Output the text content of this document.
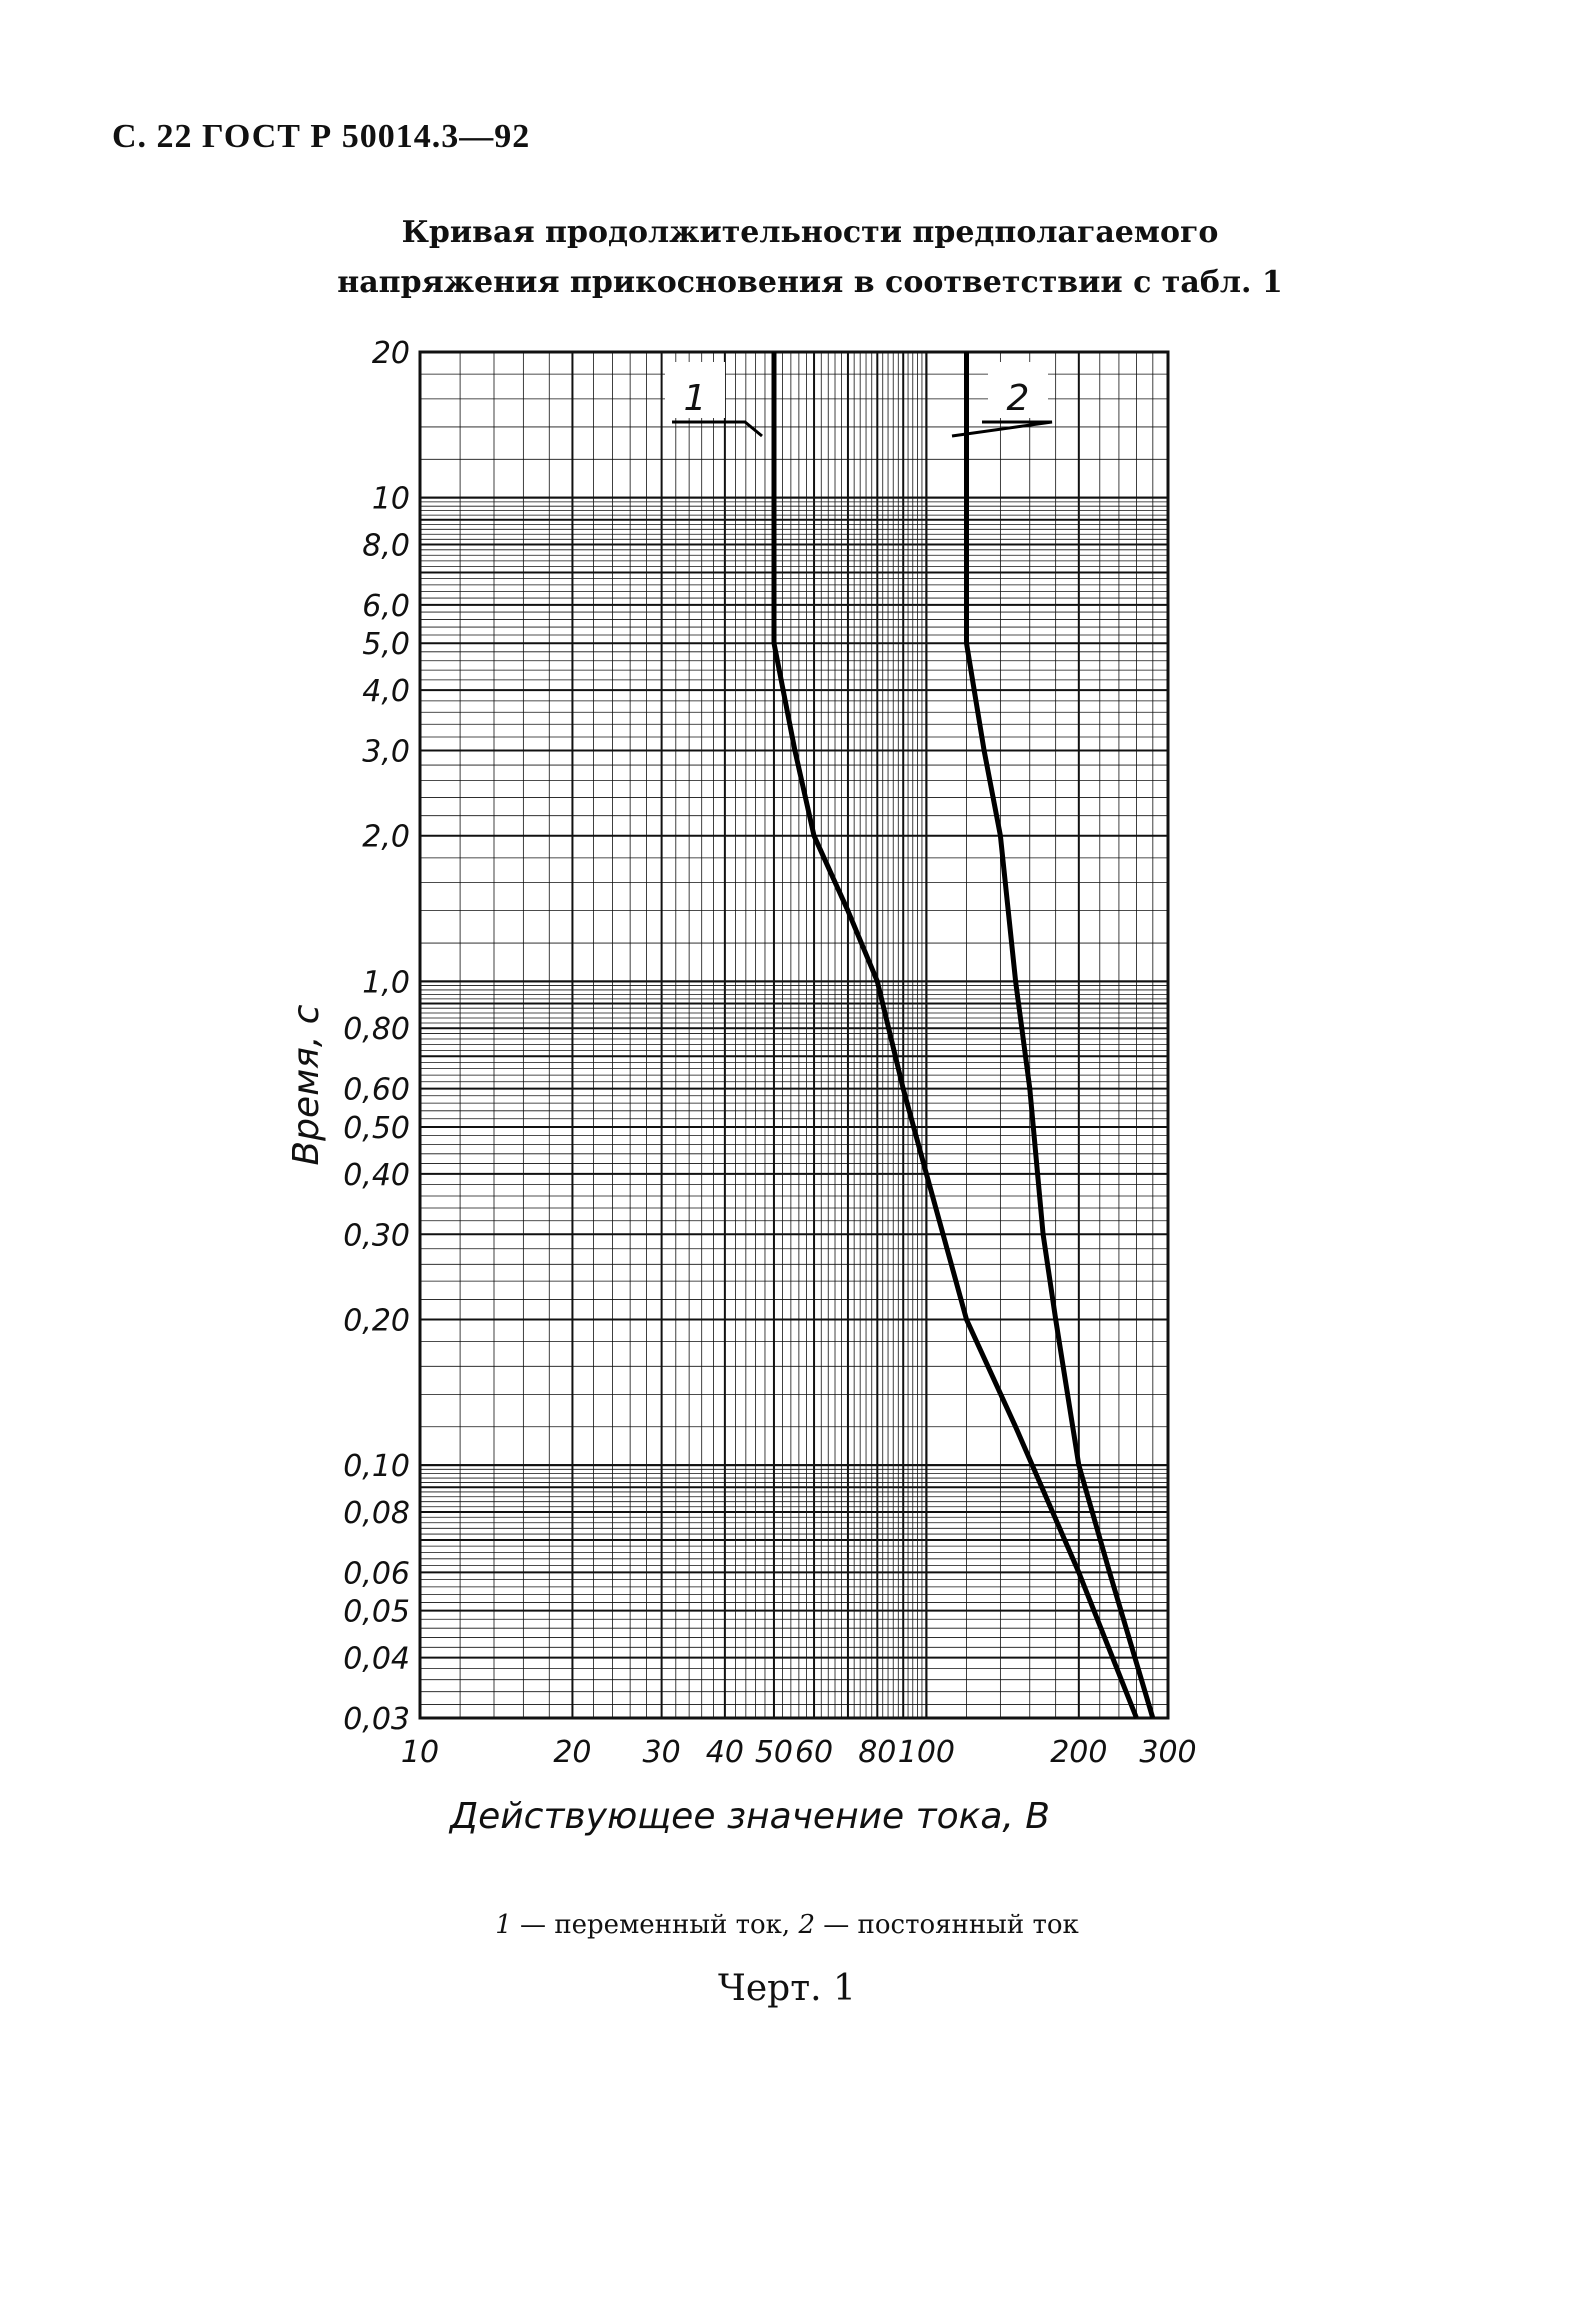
С. 22 ГОСТ Р 50014.3—92
Кривая продолжительности предполагаемого
напряжения прикосновения в соответствии с табл. 1
1	2
10	20 30 40 50 60 80 100	200 300
20
10
8,0
6,0
5,0
4,0
3,0
2,0
1,0
0,80
0,60
0,50
0,40
0,30
0,20
0,10
0,08
0,06
0,05
0,04
0,03
Действующее значение тока, В
Время, с
1 — переменный ток, 2 — постоянный ток
Черт. 1
